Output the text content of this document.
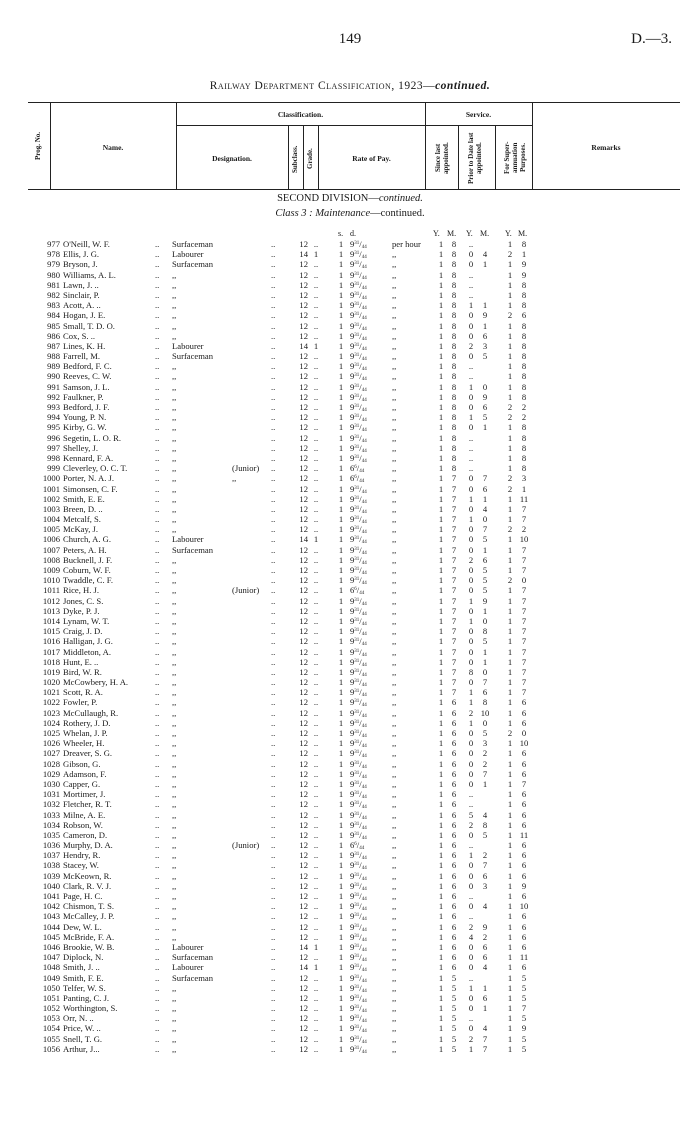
149	D.—3.
Railway Department Classification, 1923—continued.
Prog. No.	Name.
Classification.
Designation.	Subclass. Grade.	Rate of Pay.
Service.
Since last appointed. Prior to Date last appointed.	For Super-annuation Purposes.	Remarks
SECOND DIVISION—continued.
Class 3 : Maintenance—continued.
s. d.	Y. M. Y. M. Y. M.
977 O'Neill, W. F.	.. Surfaceman	..	12 ..	1 $9^{31}/_{44}$	per hour	1	8	..	1	8
978 Ellis, J. G.	.. Labourer	..	14 1	1 $9^{31}/_{44}$	,,	1	8	0	4	2	1
979 Bryson, J.	.. Surfaceman	..	12 ..	1 $9^{31}/_{44}$	,,	1	8	0	1	1	9
980 Williams, A. L.	.. ,,	..	12 ..	1 $9^{31}/_{44}$	,,	1	8	..	1	9
981 Lawn, J. ..	.. ,,	..	12 ..	1 $9^{31}/_{44}$	,,	1	8	..	1	8
982 Sinclair, P.	.. ,,	..	12 ..	1 $9^{31}/_{44}$	,,	1	8	..	1	8
983 Acott, A. ..	.. ,,	..	12 ..	1 $9^{31}/_{44}$	,,	1	8	1	1	1	8
984 Hogan, J. E.	.. ,,	..	12 ..	1 $9^{31}/_{44}$	,,	1	8	0	9	2	6
985 Small, T. D. O.	.. ,,	..	12 ..	1 $9^{31}/_{44}$	,,	1	8	0	1	1	8
986 Cox, S. ..	.. ,,	..	12 ..	1 $9^{31}/_{44}$	,,	1	8	0	6	1	8
987 Lines, K. H.	.. Labourer	..	14 1	1 $9^{31}/_{44}$	,,	1	8	2	3	1	8
988 Farrell, M.	.. Surfaceman	..	12 ..	1 $9^{31}/_{44}$	,,	1	8	0	5	1	8
989 Bedford, F. C.	.. ,,	..	12 ..	1 $9^{31}/_{44}$	,,	1	8	..	1	8
990 Reeves, C. W.	.. ,,	..	12 ..	1 $9^{31}/_{44}$	,,	1	8	..	1	8
991 Samson, J. L.	.. ,,	..	12 ..	1 $9^{31}/_{44}$	,,	1	8	1	0	1	8
992 Faulkner, P.	.. ,,	..	12 ..	1 $9^{31}/_{44}$	,,	1	8	0	9	1	8
993 Bedford, J. F.	.. ,,	..	12 ..	1 $9^{31}/_{44}$	,,	1	8	0	6	2	2
994 Young, P. N.	.. ,,	..	12 ..	1 $9^{31}/_{44}$	,,	1	8	1	5	2	2
995 Kirby, G. W.	.. ,,	..	12 ..	1 $9^{31}/_{44}$	,,	1	8	0	1	1	8
996 Segetin, L. O. R.	.. ,,	..	12 ..	1 $9^{31}/_{44}$	,,	1	8	..	1	8
997 Shelley, J.	.. ,,	..	12 ..	1 $9^{31}/_{44}$	,,	1	8	..	1	8
998 Kennard, F. A.	.. ,,	..	12 ..	1 $9^{31}/_{44}$	,,	1	8	..	1	8
999 Cleverley, O. C. T.	.. ,,	(Junior)	..	12 ..	1 $6^6/_{44}$	,,	1	8	..	1	8
1000 Porter, N. A. J.	.. ,,	,,	..	12 ..	1 $6^6/_{44}$	,,	1	7	0	7	2	3
1001 Simonsen, C. F.	.. ,,	..	12 ..	1 $9^{31}/_{44}$	,,	1	7	0	6	2	1
1002 Smith, E. E.	.. ,,	..	12 ..	1 $9^{31}/_{44}$	,,	1	7	1	1	1 11
1003 Breen, D. ..	.. ,,	..	12 ..	1 $9^{31}/_{44}$	,,	1	7	0	4	1	7
1004 Metcalf, S.	.. ,,	..	12 ..	1 $9^{31}/_{44}$	,,	1	7	1	0	1	7
1005 McKay, J.	.. ,,	..	12 ..	1 $9^{31}/_{44}$	,,	1	7	0	7	2	2
1006 Church, A. G.	.. Labourer	..	14 1	1 $9^{31}/_{44}$	,,	1	7	0	5	1 10
1007 Peters, A. H.	.. Surfaceman	..	12 ..	1 $9^{31}/_{44}$	,,	1	7	0	1	1	7
1008 Bucknell, J. F.	.. ,,	..	12 ..	1 $9^{31}/_{44}$	,,	1	7	2	6	1	7
1009 Coburn, W. F.	.. ,,	..	12 ..	1 $9^{31}/_{44}$	,,	1	7	0	5	1	7
1010 Twaddle, C. F.	.. ,,	..	12 ..	1 $9^{31}/_{44}$	,,	1	7	0	5	2	0
1011 Rice, H. J.	.. ,,	(Junior)	..	12 ..	1 $6^6/_{44}$	,,	1	7	0	5	1	7
1012 Jones, C. S.	.. ,,	..	12 ..	1 $9^{31}/_{44}$	,,	1	7	1	9	1	7
1013 Dyke, P. J.	.. ,,	..	12 ..	1 $9^{31}/_{44}$	,,	1	7	0	1	1	7
1014 Lynam, W. T.	.. ,,	..	12 ..	1 $9^{31}/_{44}$	,,	1	7	1	0	1	7
1015 Craig, J. D.	.. ,,	..	12 ..	1 $9^{31}/_{44}$	,,	1	7	0	8	1	7
1016 Halligan, J. G.	.. ,,	..	12 ..	1 $9^{31}/_{44}$	,,	1	7	0	5	1	7
1017 Middleton, A.	.. ,,	..	12 ..	1 $9^{31}/_{44}$	,,	1	7	0	1	1	7
1018 Hunt, E. ..	.. ,,	..	12 ..	1 $9^{31}/_{44}$	,,	1	7	0	1	1	7
1019 Bird, W. R.	.. ,,	..	12 ..	1 $9^{31}/_{44}$	,,	1	7	8	0	1	7
1020 McCowbery, H. A.	.. ,,	..	12 ..	1 $9^{31}/_{44}$	,,	1	7	0	7	1	7
1021 Scott, R. A.	.. ,,	..	12 ..	1 $9^{31}/_{44}$	,,	1	7	1	6	1	7
1022 Fowler, P.	.. ,,	..	12 ..	1 $9^{31}/_{44}$	,,	1	6	1	8	1	6
1023 McCullaugh, R.	.. ,,	..	12 ..	1 $9^{31}/_{44}$	,,	1	6	2 10	1	6
1024 Rothery, J. D.	.. ,,	..	12 ..	1 $9^{31}/_{44}$	,,	1	6	1	0	1	6
1025 Whelan, J. P.	.. ,,	..	12 ..	1 $9^{31}/_{44}$	,,	1	6	0	5	2	0
1026 Wheeler, H.	.. ,,	..	12 ..	1 $9^{31}/_{44}$	,,	1	6	0	3	1 10
1027 Dreaver, S. G.	.. ,,	..	12 ..	1 $9^{31}/_{44}$	,,	1	6	0	2	1	6
1028 Gibson, G.	.. ,,	..	12 ..	1 $9^{31}/_{44}$	,,	1	6	0	2	1	6
1029 Adamson, F.	.. ,,	..	12 ..	1 $9^{31}/_{44}$	,,	1	6	0	7	1	6
1030 Capper, G.	.. ,,	..	12 ..	1 $9^{31}/_{44}$	,,	1	6	0	1	1	7
1031 Mortimer, J.	.. ,,	..	12 ..	1 $9^{31}/_{44}$	,,	1	6	..	1	6
1032 Fletcher, R. T.	.. ,,	..	12 ..	1 $9^{31}/_{44}$	,,	1	6	..	1	6
1033 Milne, A. E.	.. ,,	..	12 ..	1 $9^{31}/_{44}$	,,	1	6	5	4	1	6
1034 Robson, W.	.. ,,	..	12 ..	1 $9^{31}/_{44}$	,,	1	6	2	8	1	6
1035 Cameron, D.	.. ,,	..	12 ..	1 $9^{31}/_{44}$	,,	1	6	0	5	1 11
1036 Murphy, D. A.	.. ,,	(Junior)	..	12 ..	1 $6^6/_{44}$	,,	1	6	..	1	6
1037 Hendry, R.	.. ,,	..	12 ..	1 $9^{31}/_{44}$	,,	1	6	1	2	1	6
1038 Stacey, W.	.. ,,	..	12 ..	1 $9^{31}/_{44}$	,,	1	6	0	7	1	6
1039 McKeown, R.	.. ,,	..	12 ..	1 $9^{31}/_{44}$	,,	1	6	0	6	1	6
1040 Clark, R. V. J.	.. ,,	..	12 ..	1 $9^{31}/_{44}$	,,	1	6	0	3	1	9
1041 Page, H. C.	.. ,,	..	12 ..	1 $9^{31}/_{44}$	,,	1	6	..	1	6
1042 Chismon, T. S.	.. ,,	..	12 ..	1 $9^{31}/_{44}$	,,	1	6	0	4	1 10
1043 McCalley, J. P.	.. ,,	..	12 ..	1 $9^{31}/_{44}$	,,	1	6	..	1	6
1044 Dew, W. L.	.. ,,	..	12 ..	1 $9^{31}/_{44}$	,,	1	6	2	9	1	6
1045 McBride, F. A.	.. ,,	..	12 ..	1 $9^{31}/_{44}$	,,	1	6	4	2	1	6
1046 Brookie, W. B.	.. Labourer	..	14 1	1 $9^{31}/_{44}$	,,	1	6	0	6	1	6
1047 Diplock, N.	.. Surfaceman	..	12 ..	1 $9^{31}/_{44}$	,,	1	6	0	6	1 11
1048 Smith, J. ..	.. Labourer	..	14 1	1 $9^{31}/_{44}$	,,	1	6	0	4	1	6
1049 Smith, F. E.	.. Surfaceman	..	12 ..	1 $9^{31}/_{44}$	,,	1	5	..	1	5
1050 Telfer, W. S.	.. ,,	..	12 ..	1 $9^{31}/_{44}$	,,	1	5	1	1	1	5
1051 Panting, C. J.	.. ,,	..	12 ..	1 $9^{31}/_{44}$	,,	1	5	0	6	1	5
1052 Worthington, S.	.. ,,	..	12 ..	1 $9^{31}/_{44}$	,,	1	5	0	1	1	7
1053 Orr, N. ..	.. ,,	..	12 ..	1 $9^{31}/_{44}$	,,	1	5	..	1	5
1054 Price, W. ..	.. ,,	..	12 ..	1 $9^{31}/_{44}$	,,	1	5	0	4	1	9
1055 Snell, T. G.	.. ,,	..	12 ..	1 $9^{31}/_{44}$	,,	1	5	2	7	1	5
1056 Arthur, J...	.. ,,	..	12 ..	1 $9^{31}/_{44}$	,,	1	5	1	7	1	5
